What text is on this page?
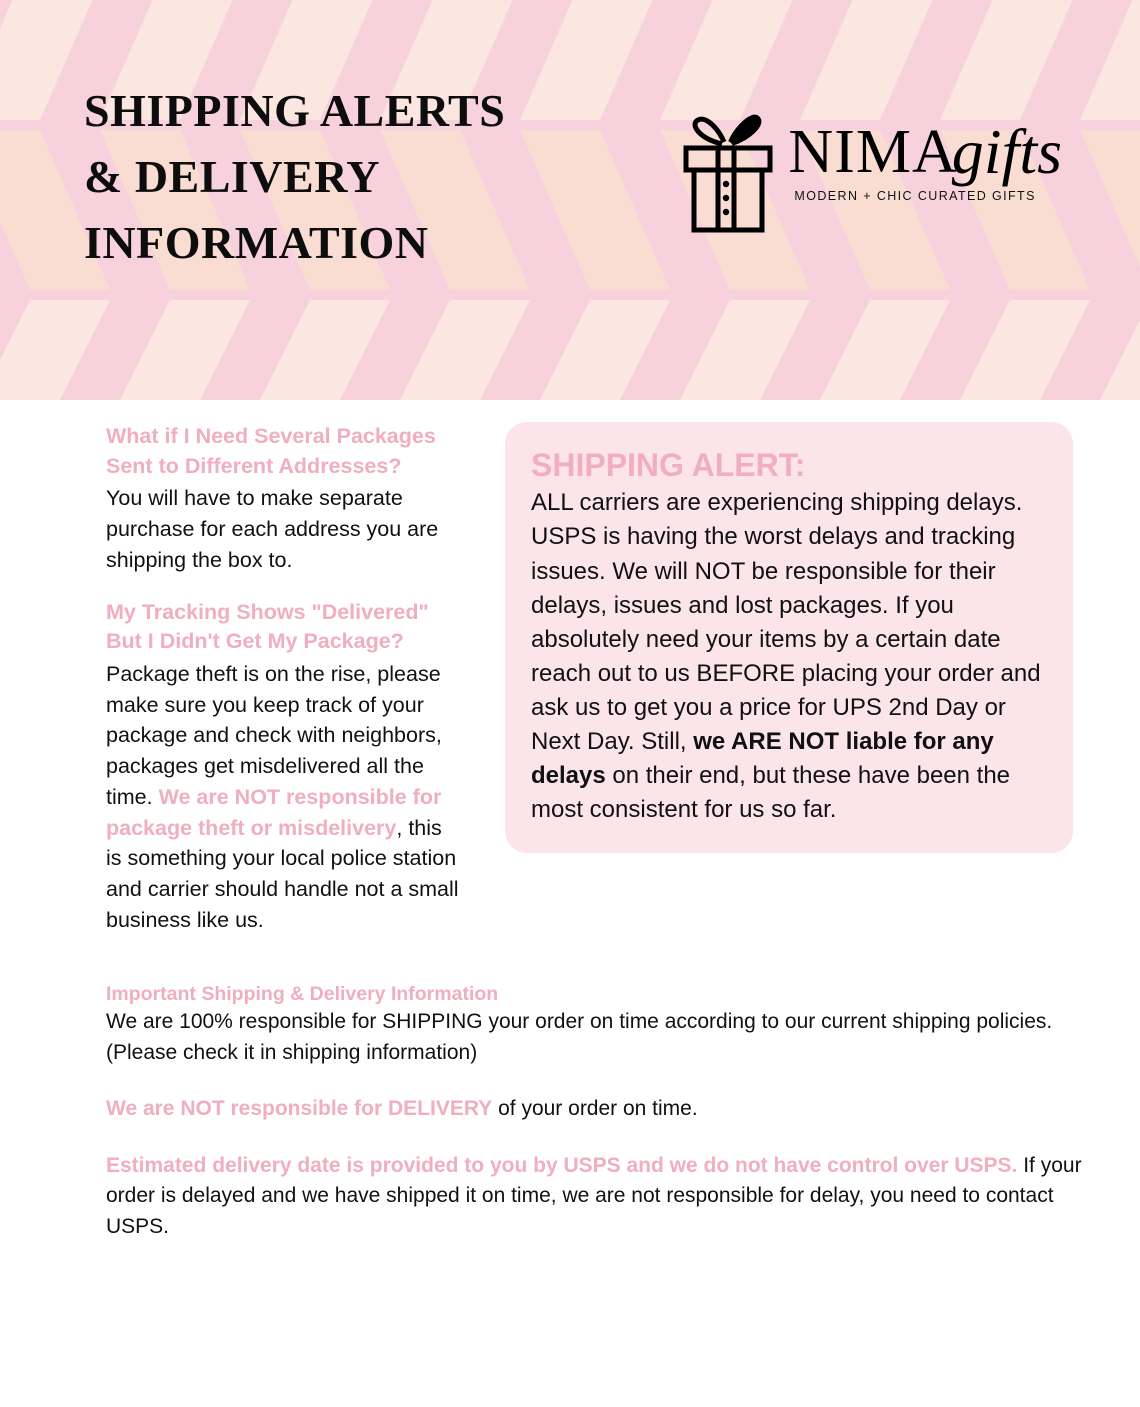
SHIPPING ALERTS & DELIVERY INFORMATION
NIMA
gifts
MODERN + CHIC CURATED GIFTS

What if I Need Several Packages Sent to Different Addresses?

You will have to make separate purchase for each address you are shipping the box to.

My Tracking Shows "Delivered" But I Didn't Get My Package?

Package theft is on the rise, please make sure you keep track of your package and check with neighbors, packages get misdelivered all the time. We are NOT responsible for package theft or misdelivery, this is something your local police station and carrier should handle not a small business like us.

SHIPPING ALERT:

ALL carriers are experiencing shipping delays. USPS is having the worst delays and tracking issues. We will NOT be responsible for their delays, issues and lost packages. If you absolutely need your items by a certain date reach out to us BEFORE placing your order and ask us to get you a price for UPS 2nd Day or Next Day. Still, we ARE NOT liable for any delays on their end, but these have been the most consistent for us so far.

Important Shipping & Delivery Information

We are 100% responsible for SHIPPING your order on time according to our current shipping policies. (Please check it in shipping information)

We are NOT responsible for DELIVERY of your order on time.

Estimated delivery date is provided to you by USPS and we do not have control over USPS. If your order is delayed and we have shipped it on time, we are not responsible for delay, you need to contact USPS.
